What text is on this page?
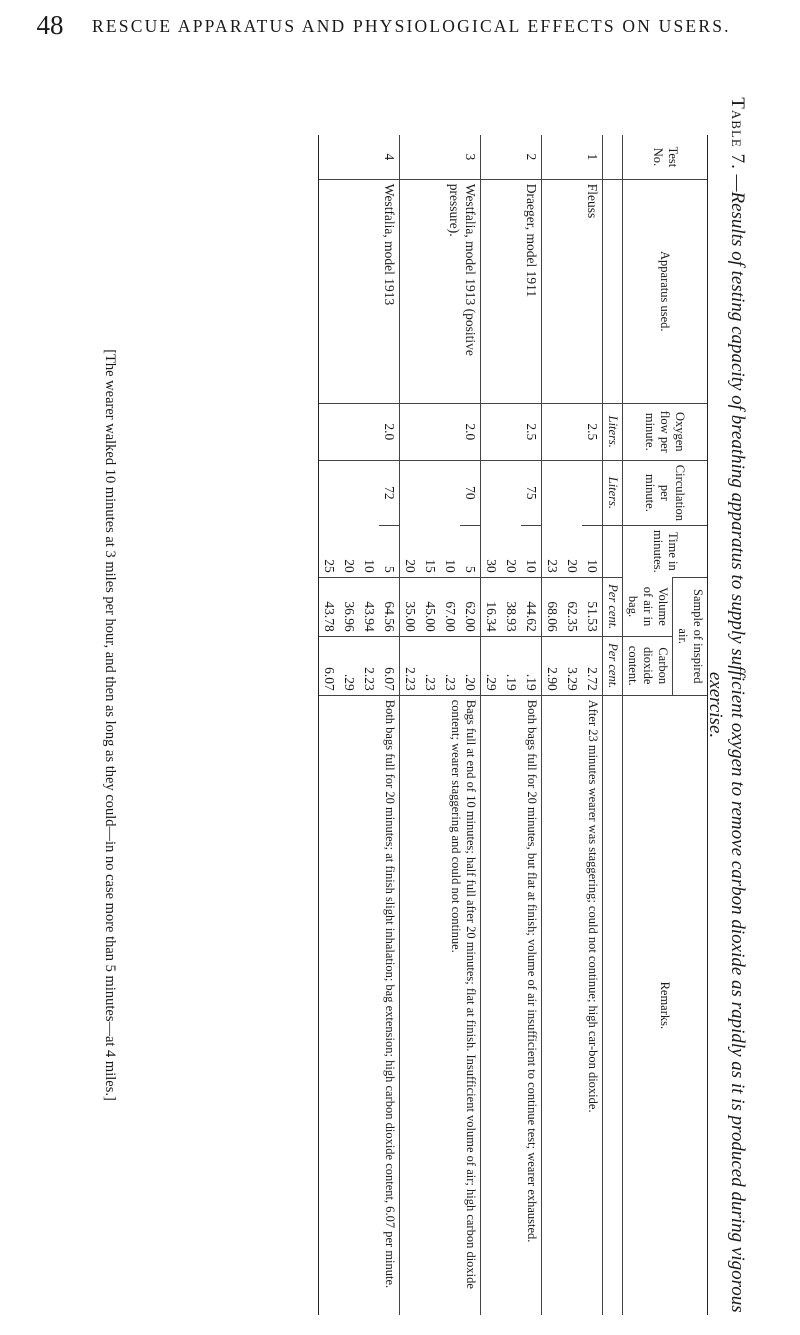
48	RESCUE APPARATUS AND PHYSIOLOGICAL EFFECTS ON USERS.
Table 7. —Results of testing capacity of breathing apparatus to supply sufficient oxygen to remove carbon dioxide as rapidly as it is produced during vigorous exercise.
Test No.	Apparatus used.	Oxygen flow per minute.	Circulation per minute.	Time in minutes.	Sample of inspired air.		Remarks.
					Volume of air in bag.	Carbon dioxide content.	
		Liters.	Liters.		Per cent.	Per cent.	
1	Fleuss	2.5		10	51.53	2.72	After 23 minutes wearer was staggering; could not continue; high car-bon dioxide.
				20	62.35	3.29	
				23	68.06	2.90	
2	Draeger, model 1911	2.5	75	10	44.62	.19	Both bags full for 20 minutes, but flat at finish; volume of air insufficient to continue test; wearer exhausted.
				20	38.93	.19	
				30	16.34	.29	
3	Westfalia, model 1913 (positive pressure).	2.0	70	5	62.00	.20	Bags full at end of 10 minutes; half full after 20 minutes; flat at finish. Insufficient volume of air; high carbon dioxide content; wearer staggering and could not continue.
				10	67.00	.23	
				15	45.00	.23	
				20	35.00	2.23	
4	Westfalia, model 1913	2.0	72	5	64.56	6.07	Both bags full for 20 minutes; at finish slight inhalation; bag extension; high carbon dioxide content, 6.07 per minute.
				10	43.94	2.23	
				20	36.96	.29	
				25	43.78	6.07	
[The wearer walked 10 minutes at 3 miles per hour, and then as long as they could—in no case more than 5 minutes—at 4 miles.]
